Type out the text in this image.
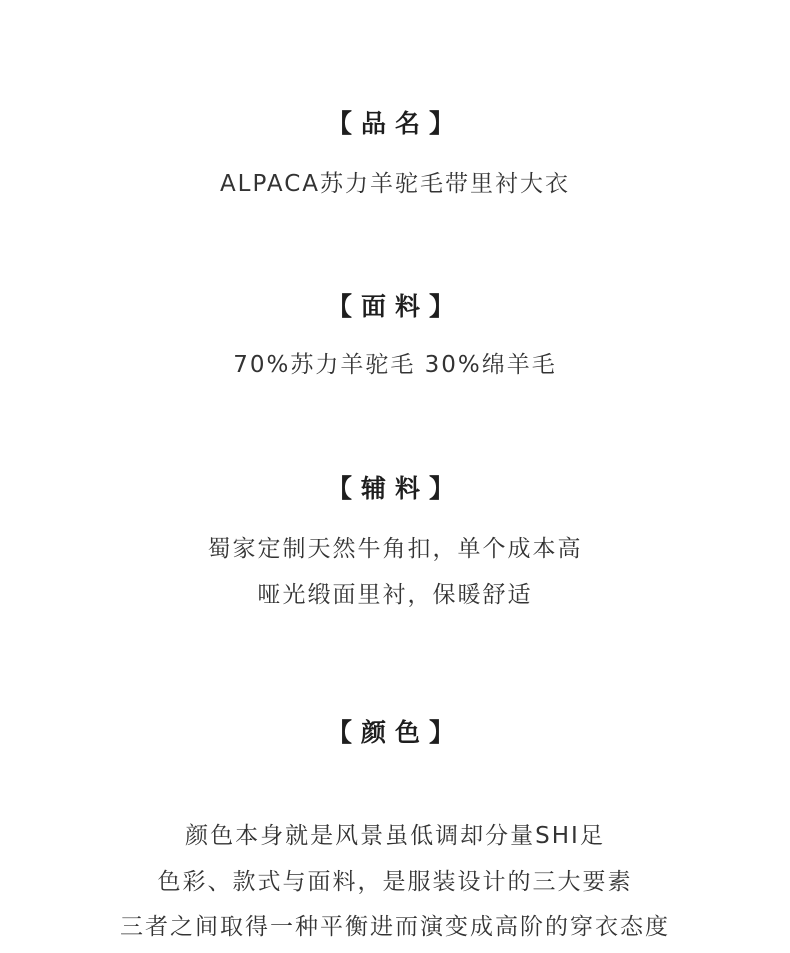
【品名】

ALPACA苏力羊驼毛带里衬大衣

【面料】

70%苏力羊驼毛 30%绵羊毛

【辅料】

蜀家定制天然牛角扣，单个成本高

哑光缎面里衬，保暖舒适

【颜色】

颜色本身就是风景虽低调却分量SHI足

色彩、款式与面料，是服装设计的三大要素

三者之间取得一种平衡进而演变成高阶的穿衣态度
